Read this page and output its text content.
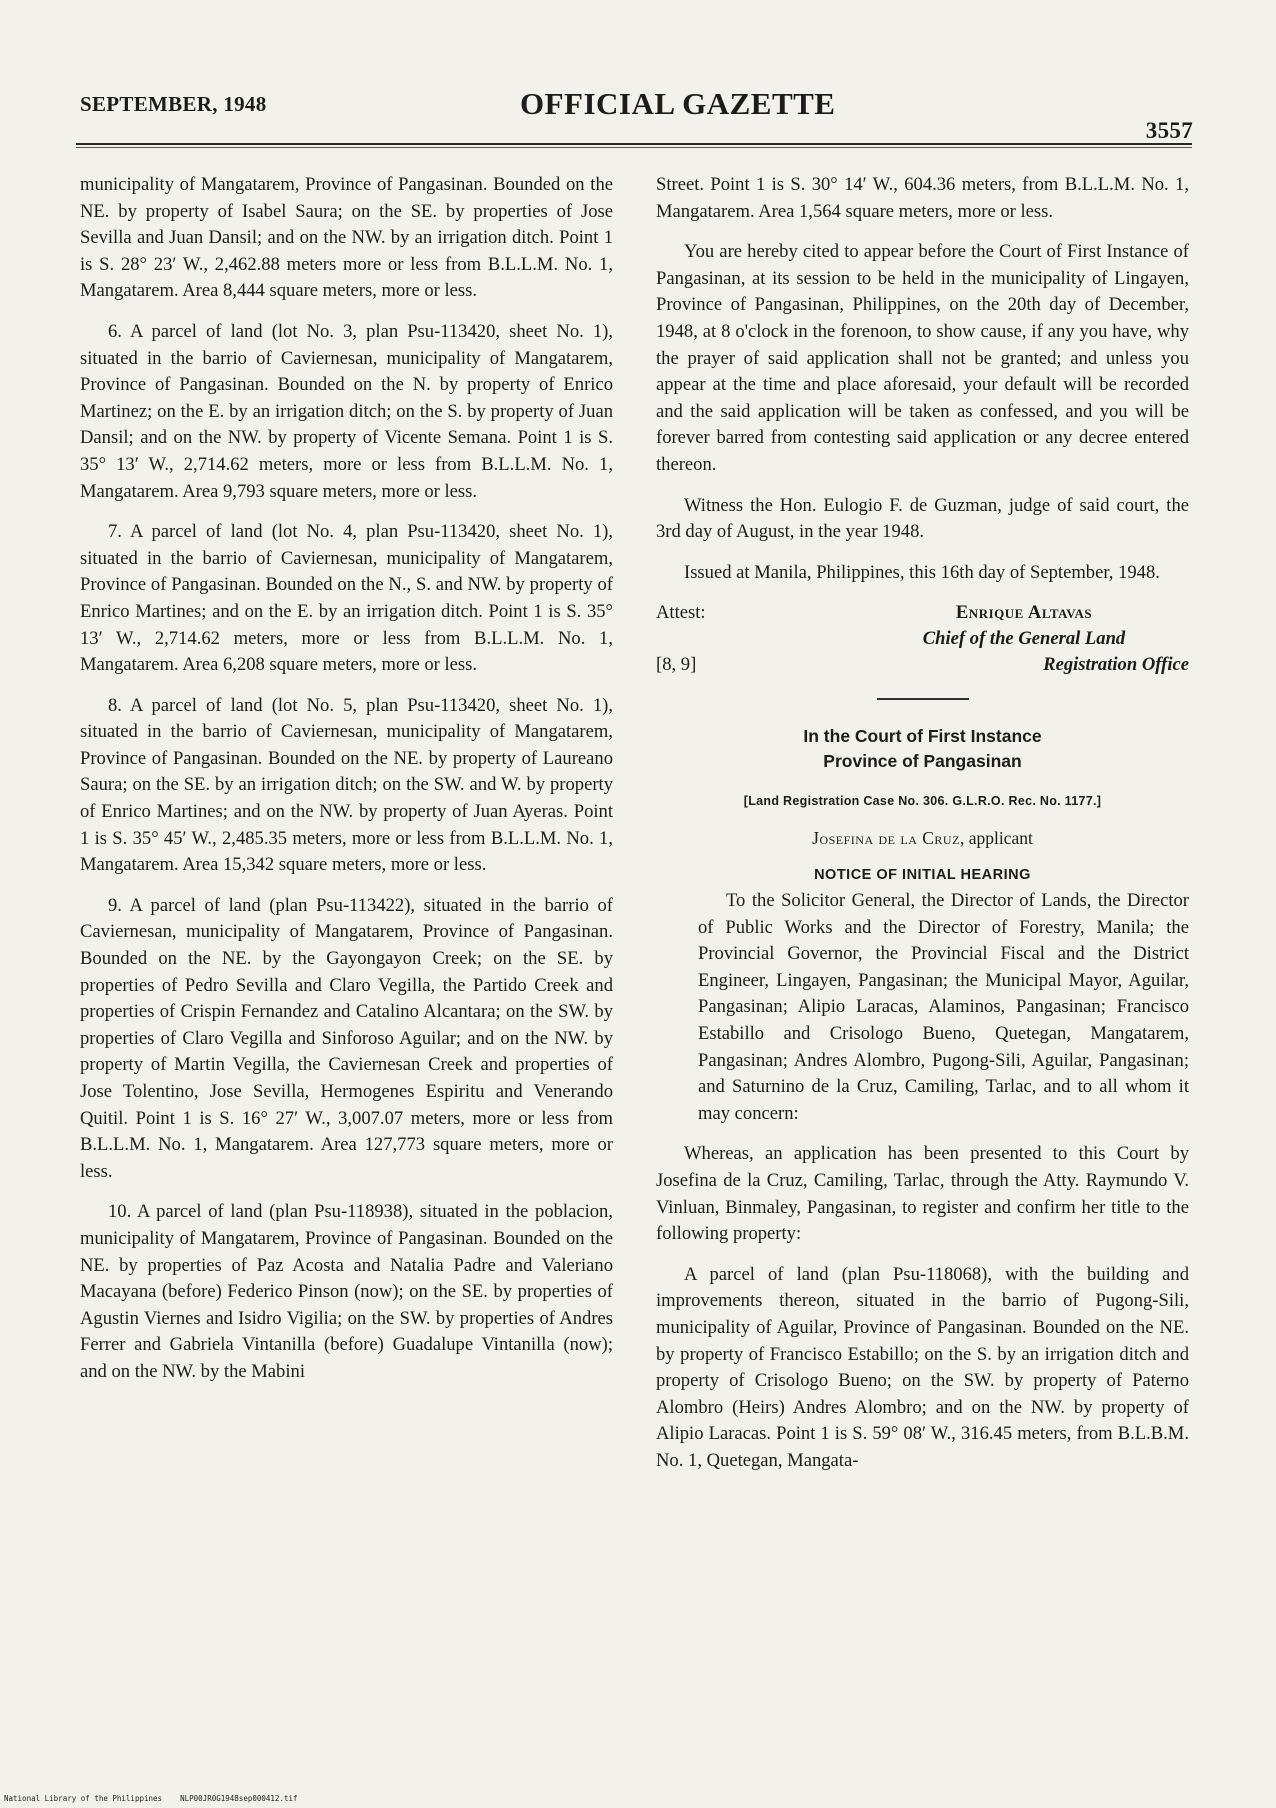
SEPTEMBER, 1948	OFFICIAL GAZETTE
3557

municipality of Mangatarem, Province of Pangasinan. Bounded on the NE. by property of Isabel Saura; on the SE. by properties of Jose Sevilla and Juan Dansil; and on the NW. by an irrigation ditch. Point 1 is S. 28° 23′ W., 2,462.88 meters more or less from B.L.L.M. No. 1, Mangatarem. Area 8,444 square meters, more or less.

6. A parcel of land (lot No. 3, plan Psu-113420, sheet No. 1), situated in the barrio of Caviernesan, municipality of Mangatarem, Province of Pangasinan. Bounded on the N. by property of Enrico Martinez; on the E. by an irrigation ditch; on the S. by property of Juan Dansil; and on the NW. by property of Vicente Semana. Point 1 is S. 35° 13′ W., 2,714.62 meters, more or less from B.L.L.M. No. 1, Mangatarem. Area 9,793 square meters, more or less.

7. A parcel of land (lot No. 4, plan Psu-113420, sheet No. 1), situated in the barrio of Caviernesan, municipality of Mangatarem, Province of Pangasinan. Bounded on the N., S. and NW. by property of Enrico Martines; and on the E. by an irrigation ditch. Point 1 is S. 35° 13′ W., 2,714.62 meters, more or less from B.L.L.M. No. 1, Mangatarem. Area 6,208 square meters, more or less.

8. A parcel of land (lot No. 5, plan Psu-113420, sheet No. 1), situated in the barrio of Caviernesan, municipality of Mangatarem, Province of Pangasinan. Bounded on the NE. by property of Laureano Saura; on the SE. by an irrigation ditch; on the SW. and W. by property of Enrico Martines; and on the NW. by property of Juan Ayeras. Point 1 is S. 35° 45′ W., 2,485.35 meters, more or less from B.L.L.M. No. 1, Mangatarem. Area 15,342 square meters, more or less.

9. A parcel of land (plan Psu-113422), situated in the barrio of Caviernesan, municipality of Mangatarem, Province of Pangasinan. Bounded on the NE. by the Gayongayon Creek; on the SE. by properties of Pedro Sevilla and Claro Vegilla, the Partido Creek and properties of Crispin Fernandez and Catalino Alcantara; on the SW. by properties of Claro Vegilla and Sinforoso Aguilar; and on the NW. by property of Martin Vegilla, the Caviernesan Creek and properties of Jose Tolentino, Jose Sevilla, Hermogenes Espiritu and Venerando Quitil. Point 1 is S. 16° 27′ W., 3,007.07 meters, more or less from B.L.L.M. No. 1, Mangatarem. Area 127,773 square meters, more or less.

10. A parcel of land (plan Psu-118938), situated in the poblacion, municipality of Mangatarem, Province of Pangasinan. Bounded on the NE. by properties of Paz Acosta and Natalia Padre and Valeriano Macayana (before) Federico Pinson (now); on the SE. by properties of Agustin Viernes and Isidro Vigilia; on the SW. by properties of Andres Ferrer and Gabriela Vintanilla (before) Guadalupe Vintanilla (now); and on the NW. by the Mabini

Street. Point 1 is S. 30° 14′ W., 604.36 meters, from B.L.L.M. No. 1, Mangatarem. Area 1,564 square meters, more or less.

You are hereby cited to appear before the Court of First Instance of Pangasinan, at its session to be held in the municipality of Lingayen, Province of Pangasinan, Philippines, on the 20th day of December, 1948, at 8 o'clock in the forenoon, to show cause, if any you have, why the prayer of said application shall not be granted; and unless you appear at the time and place aforesaid, your default will be recorded and the said application will be taken as confessed, and you will be forever barred from contesting said application or any decree entered thereon.

Witness the Hon. Eulogio F. de Guzman, judge of said court, the 3rd day of August, in the year 1948.

Issued at Manila, Philippines, this 16th day of September, 1948.

Attest:
[8, 9]
Enrique Altavas
Chief of the General Land
Registration Office
In the Court of First Instance
Province of Pangasinan
[Land Registration Case No. 306. G.L.R.O. Rec. No. 1177.]
Josefina de la Cruz, applicant
NOTICE OF INITIAL HEARING

To the Solicitor General, the Director of Lands, the Director of Public Works and the Director of Forestry, Manila; the Provincial Governor, the Provincial Fiscal and the District Engineer, Lingayen, Pangasinan; the Municipal Mayor, Aguilar, Pangasinan; Alipio Laracas, Alaminos, Pangasinan; Francisco Estabillo and Crisologo Bueno, Quetegan, Mangatarem, Pangasinan; Andres Alombro, Pugong-Sili, Aguilar, Pangasinan; and Saturnino de la Cruz, Camiling, Tarlac, and to all whom it may concern:

Whereas, an application has been presented to this Court by Josefina de la Cruz, Camiling, Tarlac, through the Atty. Raymundo V. Vinluan, Binmaley, Pangasinan, to register and confirm her title to the following property:

A parcel of land (plan Psu-118068), with the building and improvements thereon, situated in the barrio of Pugong-Sili, municipality of Aguilar, Province of Pangasinan. Bounded on the NE. by property of Francisco Estabillo; on the S. by an irrigation ditch and property of Crisologo Bueno; on the SW. by property of Paterno Alombro (Heirs) Andres Alombro; and on the NW. by property of Alipio Laracas. Point 1 is S. 59° 08′ W., 316.45 meters, from B.L.B.M. No. 1, Quetegan, Mangata-

National Library of the Philippines NLP00JR0G1948sep000412.tif
